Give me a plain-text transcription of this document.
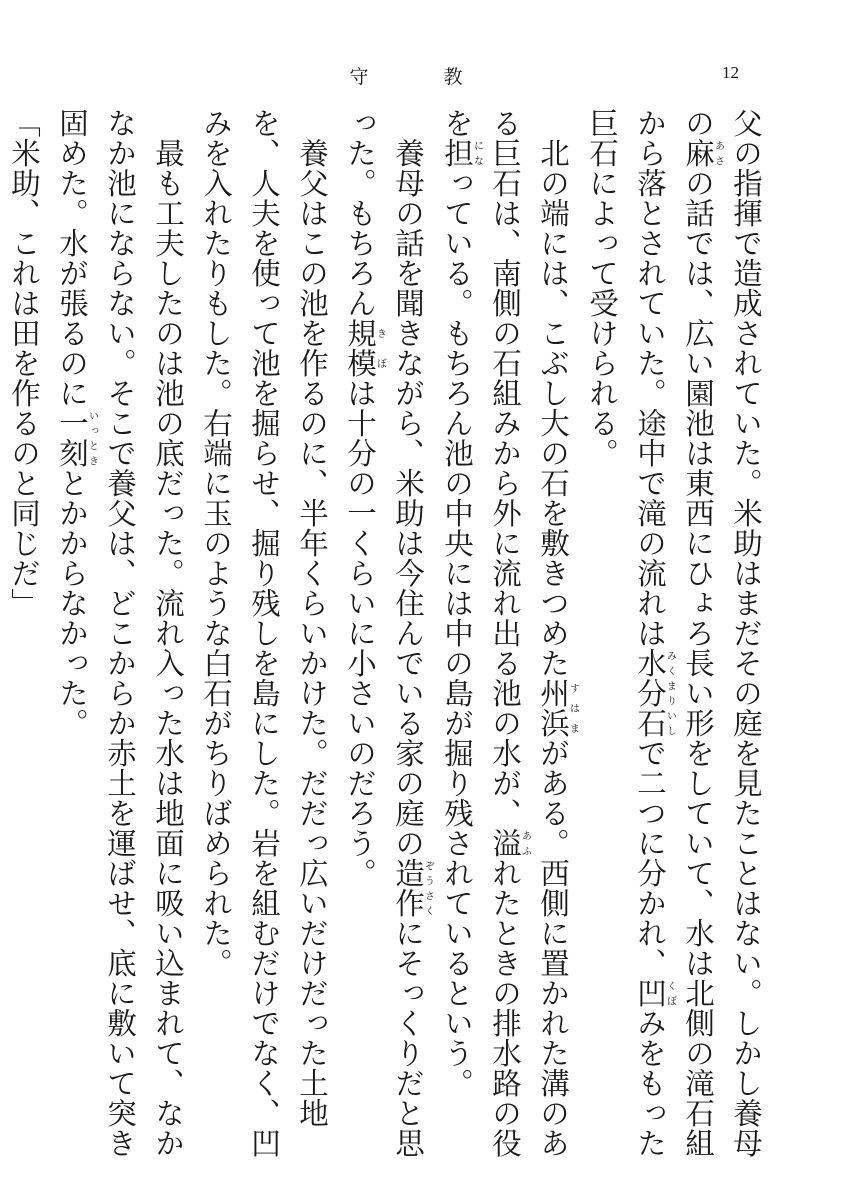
守　教	12

父の指揮で造成されていた。米助はまだその庭を見たことはない。しかし養母の麻あさの話では、広い園池は東西にひょろ長い形をしていて、水は北側の滝石組から落とされていた。途中で滝の流れは水分石みくまりいしで二つに分かれ、凹くぼみをもった巨石によって受けられる。

　北の端には、こぶし大の石を敷きつめた州浜すはまがある。西側に置かれた溝のある巨石は、南側の石組みから外に流れ出る池の水が、溢あふれたときの排水路の役を担になっている。もちろん池の中央には中の島が掘り残されているという。

　養母の話を聞きながら、米助は今住んでいる家の庭の造作ぞうさくにそっくりだと思った。もちろん規模きぼは十分の一くらいに小さいのだろう。

　養父はこの池を作るのに、半年くらいかけた。だだっ広いだけだった土地を、人夫を使って池を掘らせ、掘り残しを島にした。岩を組むだけでなく、凹みを入れたりもした。右端に玉のような白石がちりばめられた。

　最も工夫したのは池の底だった。流れ入った水は地面に吸い込まれて、なかなか池にならない。そこで養父は、どこからか赤土を運ばせ、底に敷いて突き固めた。水が張るのに一刻いっときとかからなかった。

「米助、これは田を作るのと同じだ」
